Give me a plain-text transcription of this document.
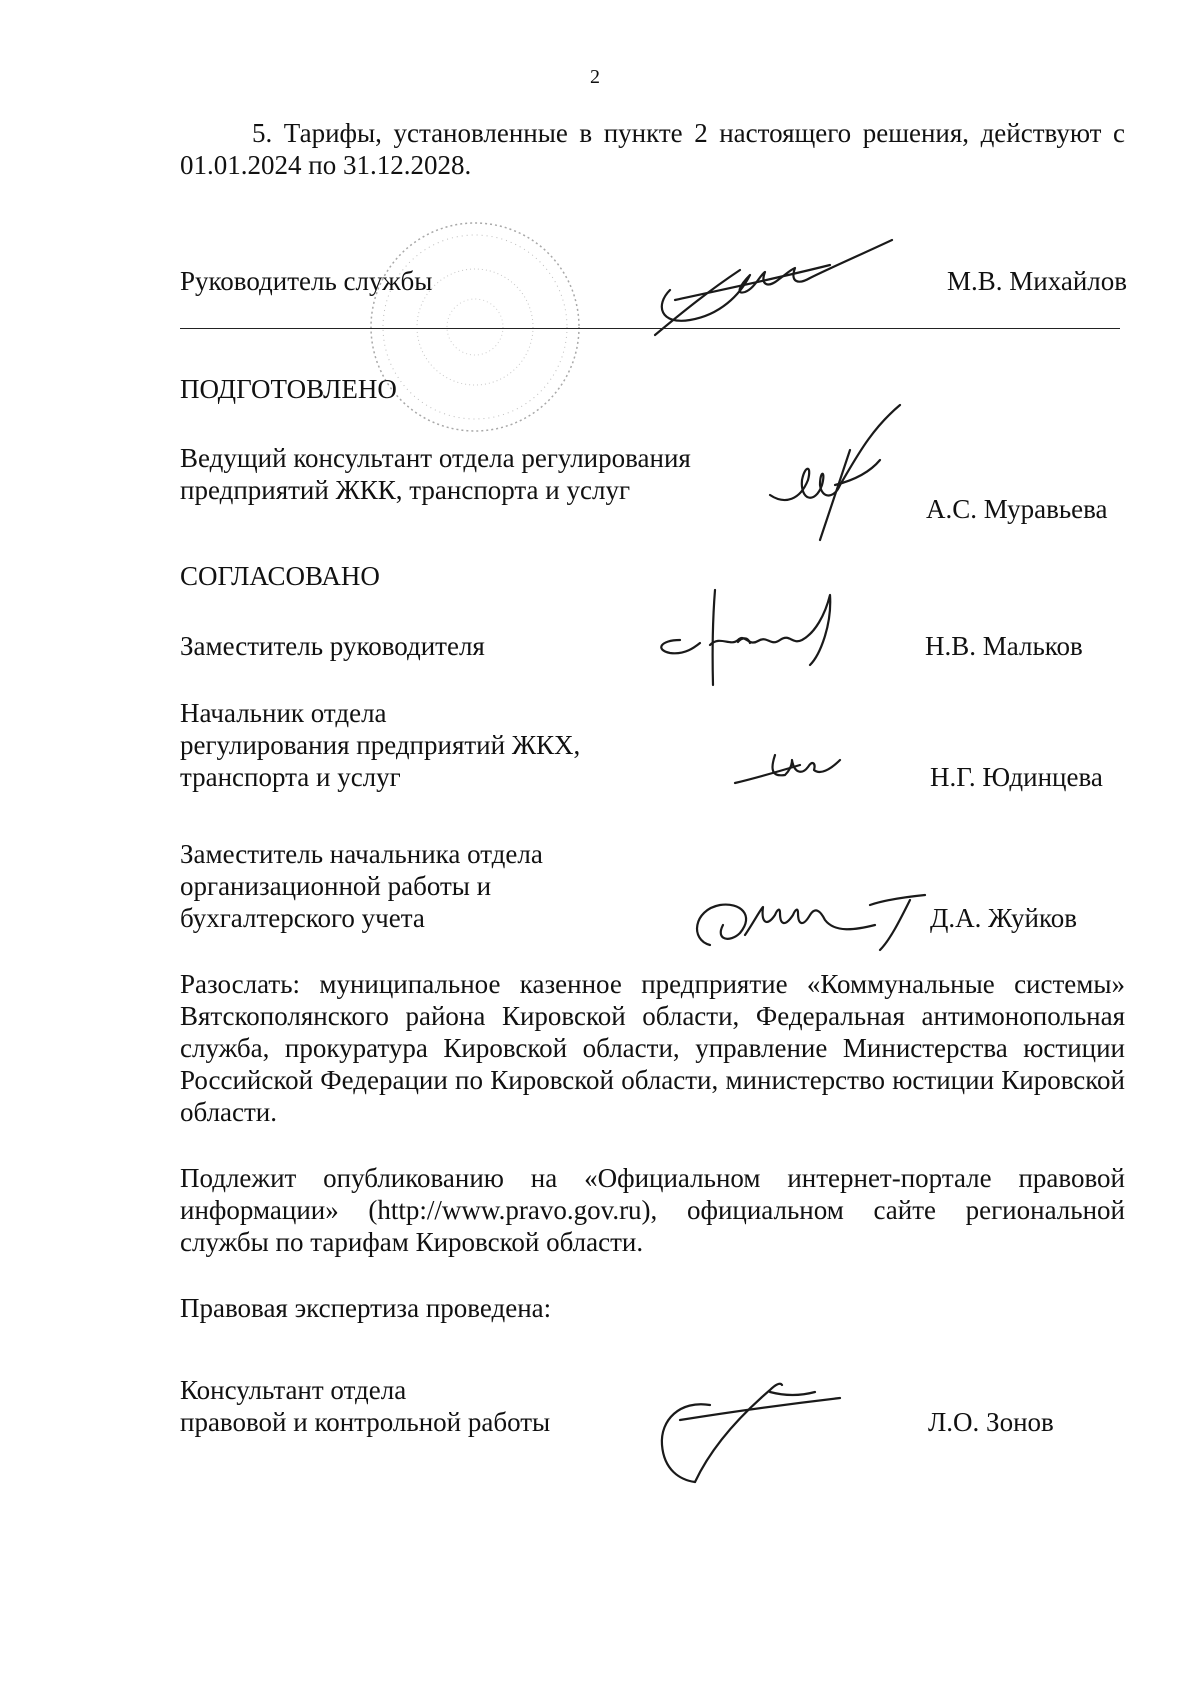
2
5. Тарифы, установленные в пункте 2 настоящего решения, действуют с 01.01.2024 по 31.12.2028.
Руководитель службы	М.В. Михайлов
ПОДГОТОВЛЕНО
Ведущий консультант отдела регулирования
предприятий ЖКК, транспорта и услуг
А.С. Муравьева
СОГЛАСОВАНО
Заместитель руководителя	Н.В. Мальков
Начальник отдела
регулирования предприятий ЖКХ,
транспорта и услуг	Н.Г. Юдинцева
Заместитель начальника отдела
организационной работы и
бухгалтерского учета	Д.А. Жуйков
Разослать: муниципальное казенное предприятие «Коммунальные системы» Вятскополянского района Кировской области, Федеральная антимонопольная служба, прокуратура Кировской области, управление Министерства юстиции Российской Федерации по Кировской области, министерство юстиции Кировской области.
Подлежит опубликованию на «Официальном интернет-портале правовой информации» (http://www.pravo.gov.ru), официальном сайте региональной службы по тарифам Кировской области.
Правовая экспертиза проведена:
Консультант отдела
правовой и контрольной работы	Л.О. Зонов
